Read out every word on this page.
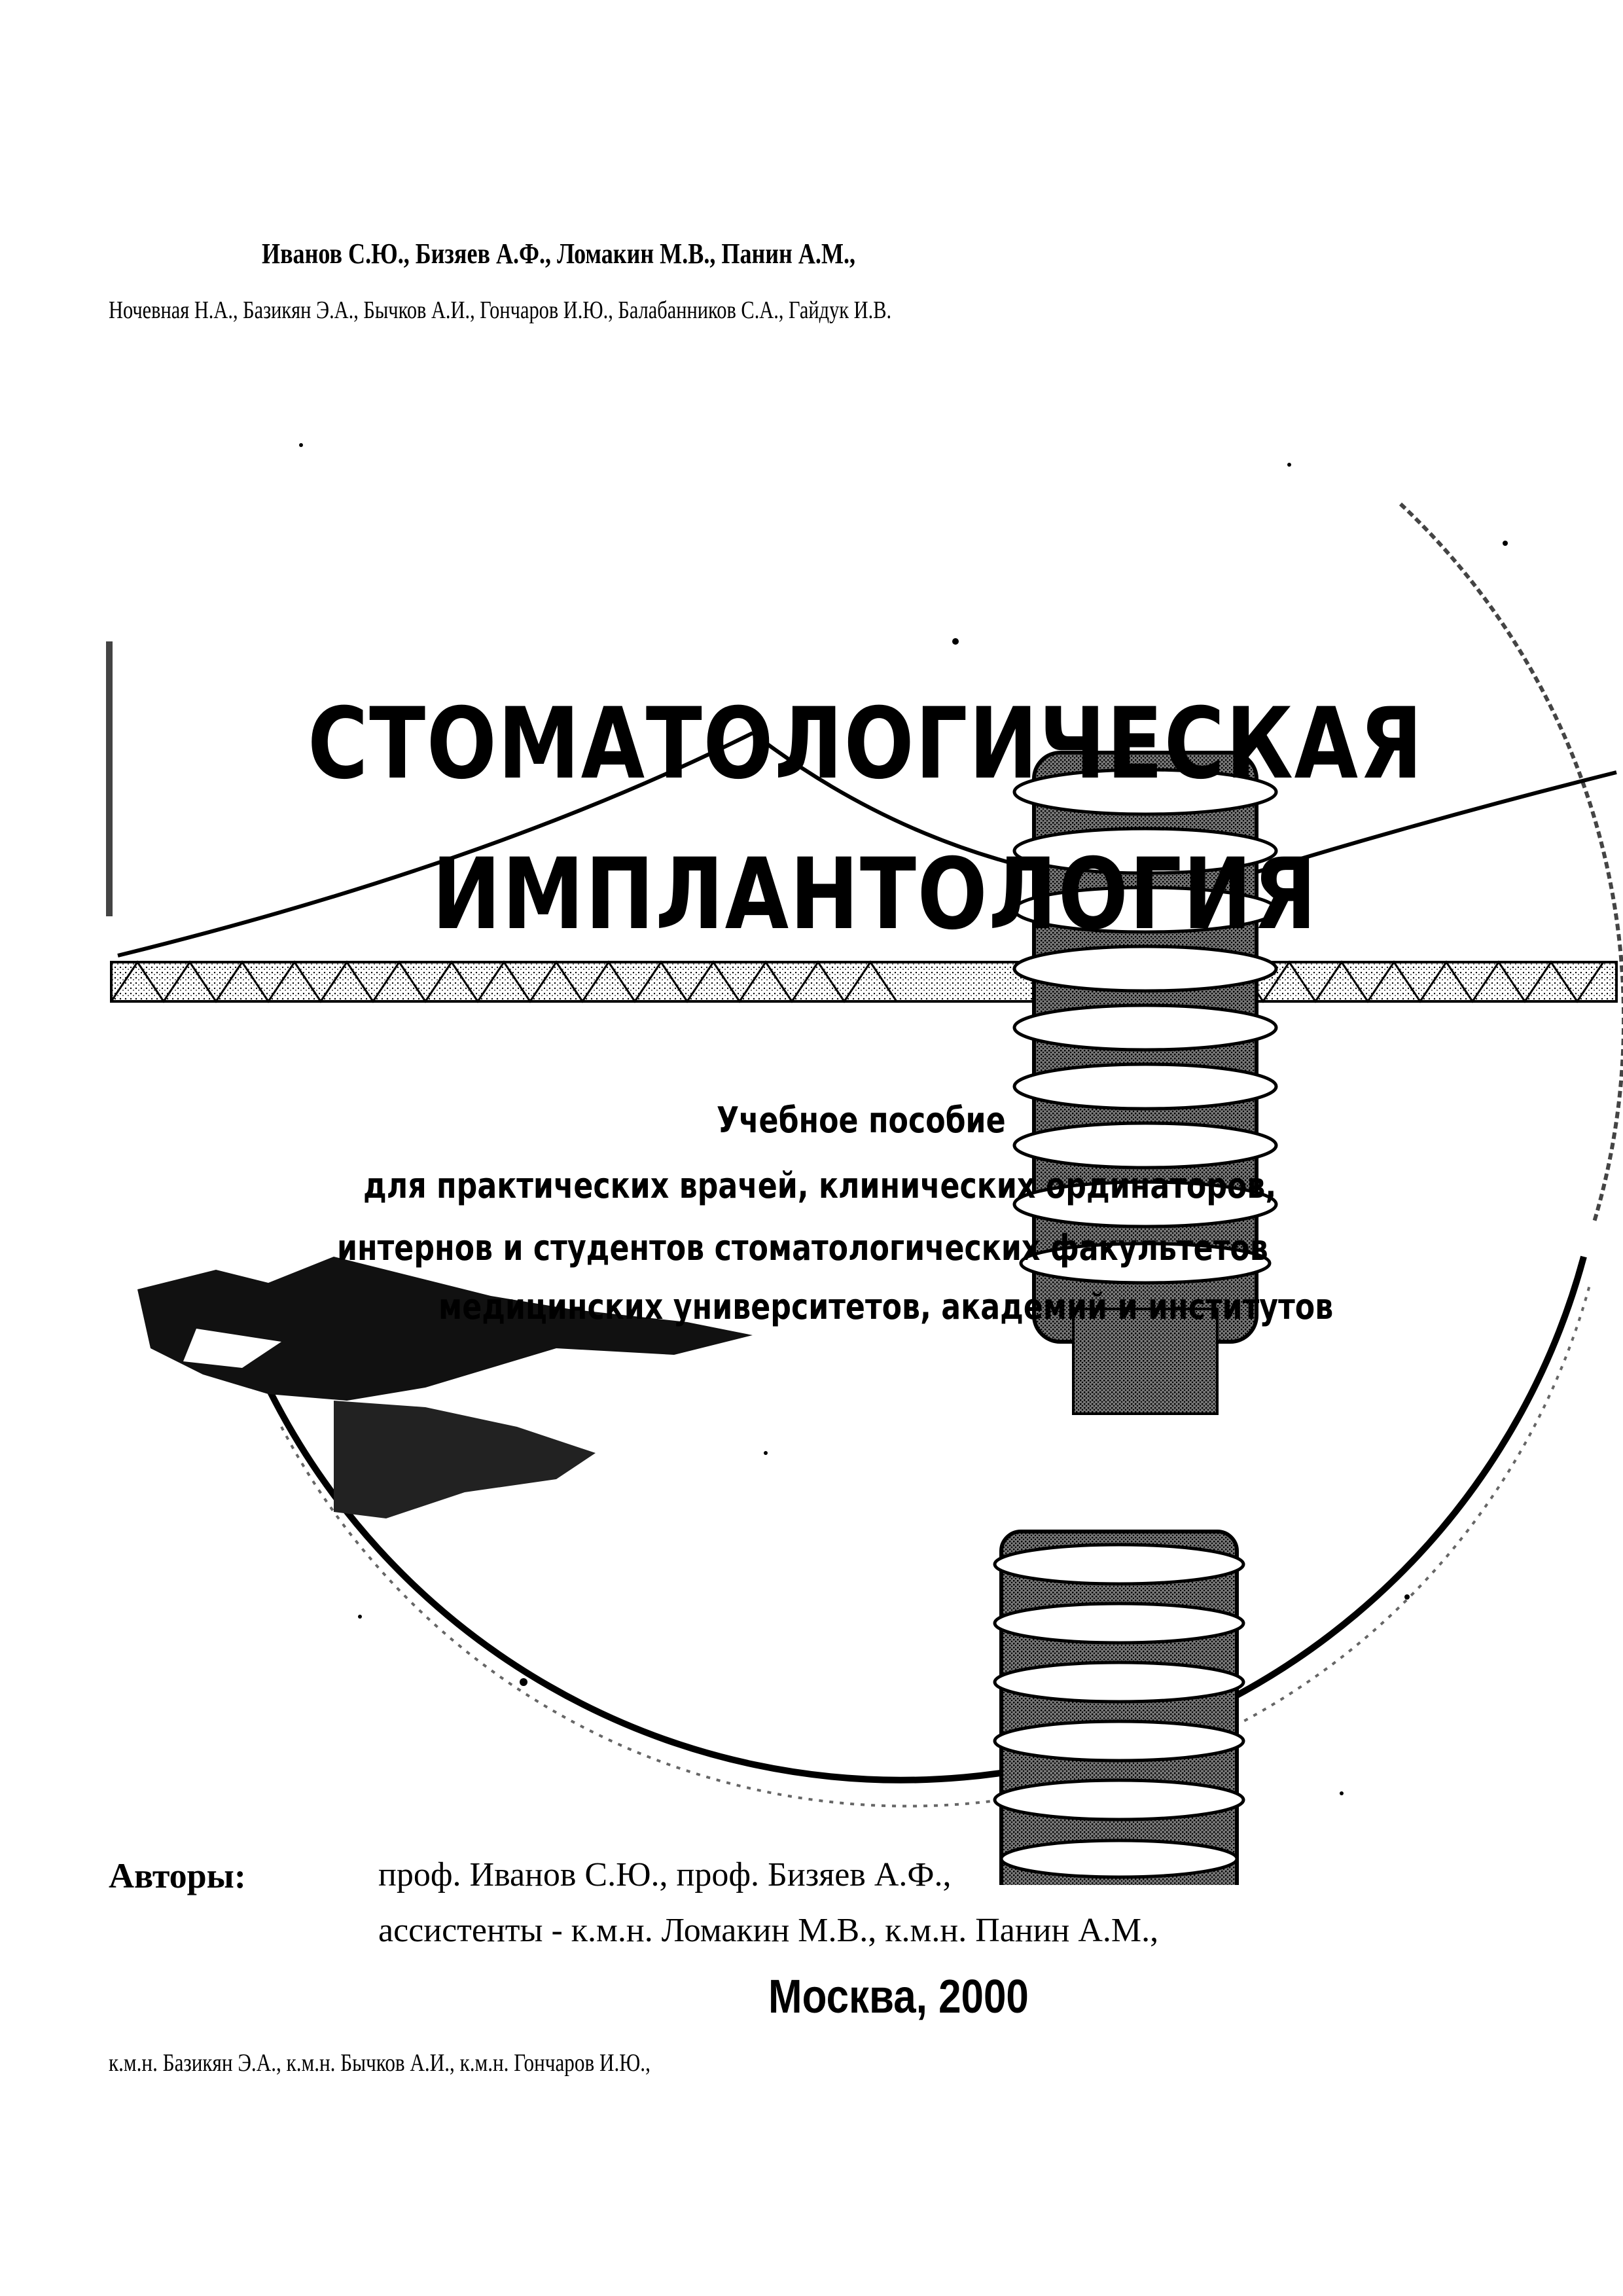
Иванов С.Ю., Бизяев А.Ф., Ломакин М.В., Панин А.М.,
Ночевная Н.А., Базикян Э.А., Бычков А.И., Гончаров И.Ю., Балабанников С.А., Гайдук И.В.
СТОМАТОЛОГИЧЕСКАЯ
ИМПЛАНТОЛОГИЯ
Учебное пособие
для практических врачей, клинических ординаторов,
интернов и студентов стоматологических факультетов
медицинских университетов, академий и институтов
Авторы:	проф. Иванов С.Ю., проф. Бизяев А.Ф.,
ассистенты - к.м.н. Ломакин М.В., к.м.н. Панин А.М.,
Москва, 2000
к.м.н. Базикян Э.А., к.м.н. Бычков А.И., к.м.н. Гончаров И.Ю.,
